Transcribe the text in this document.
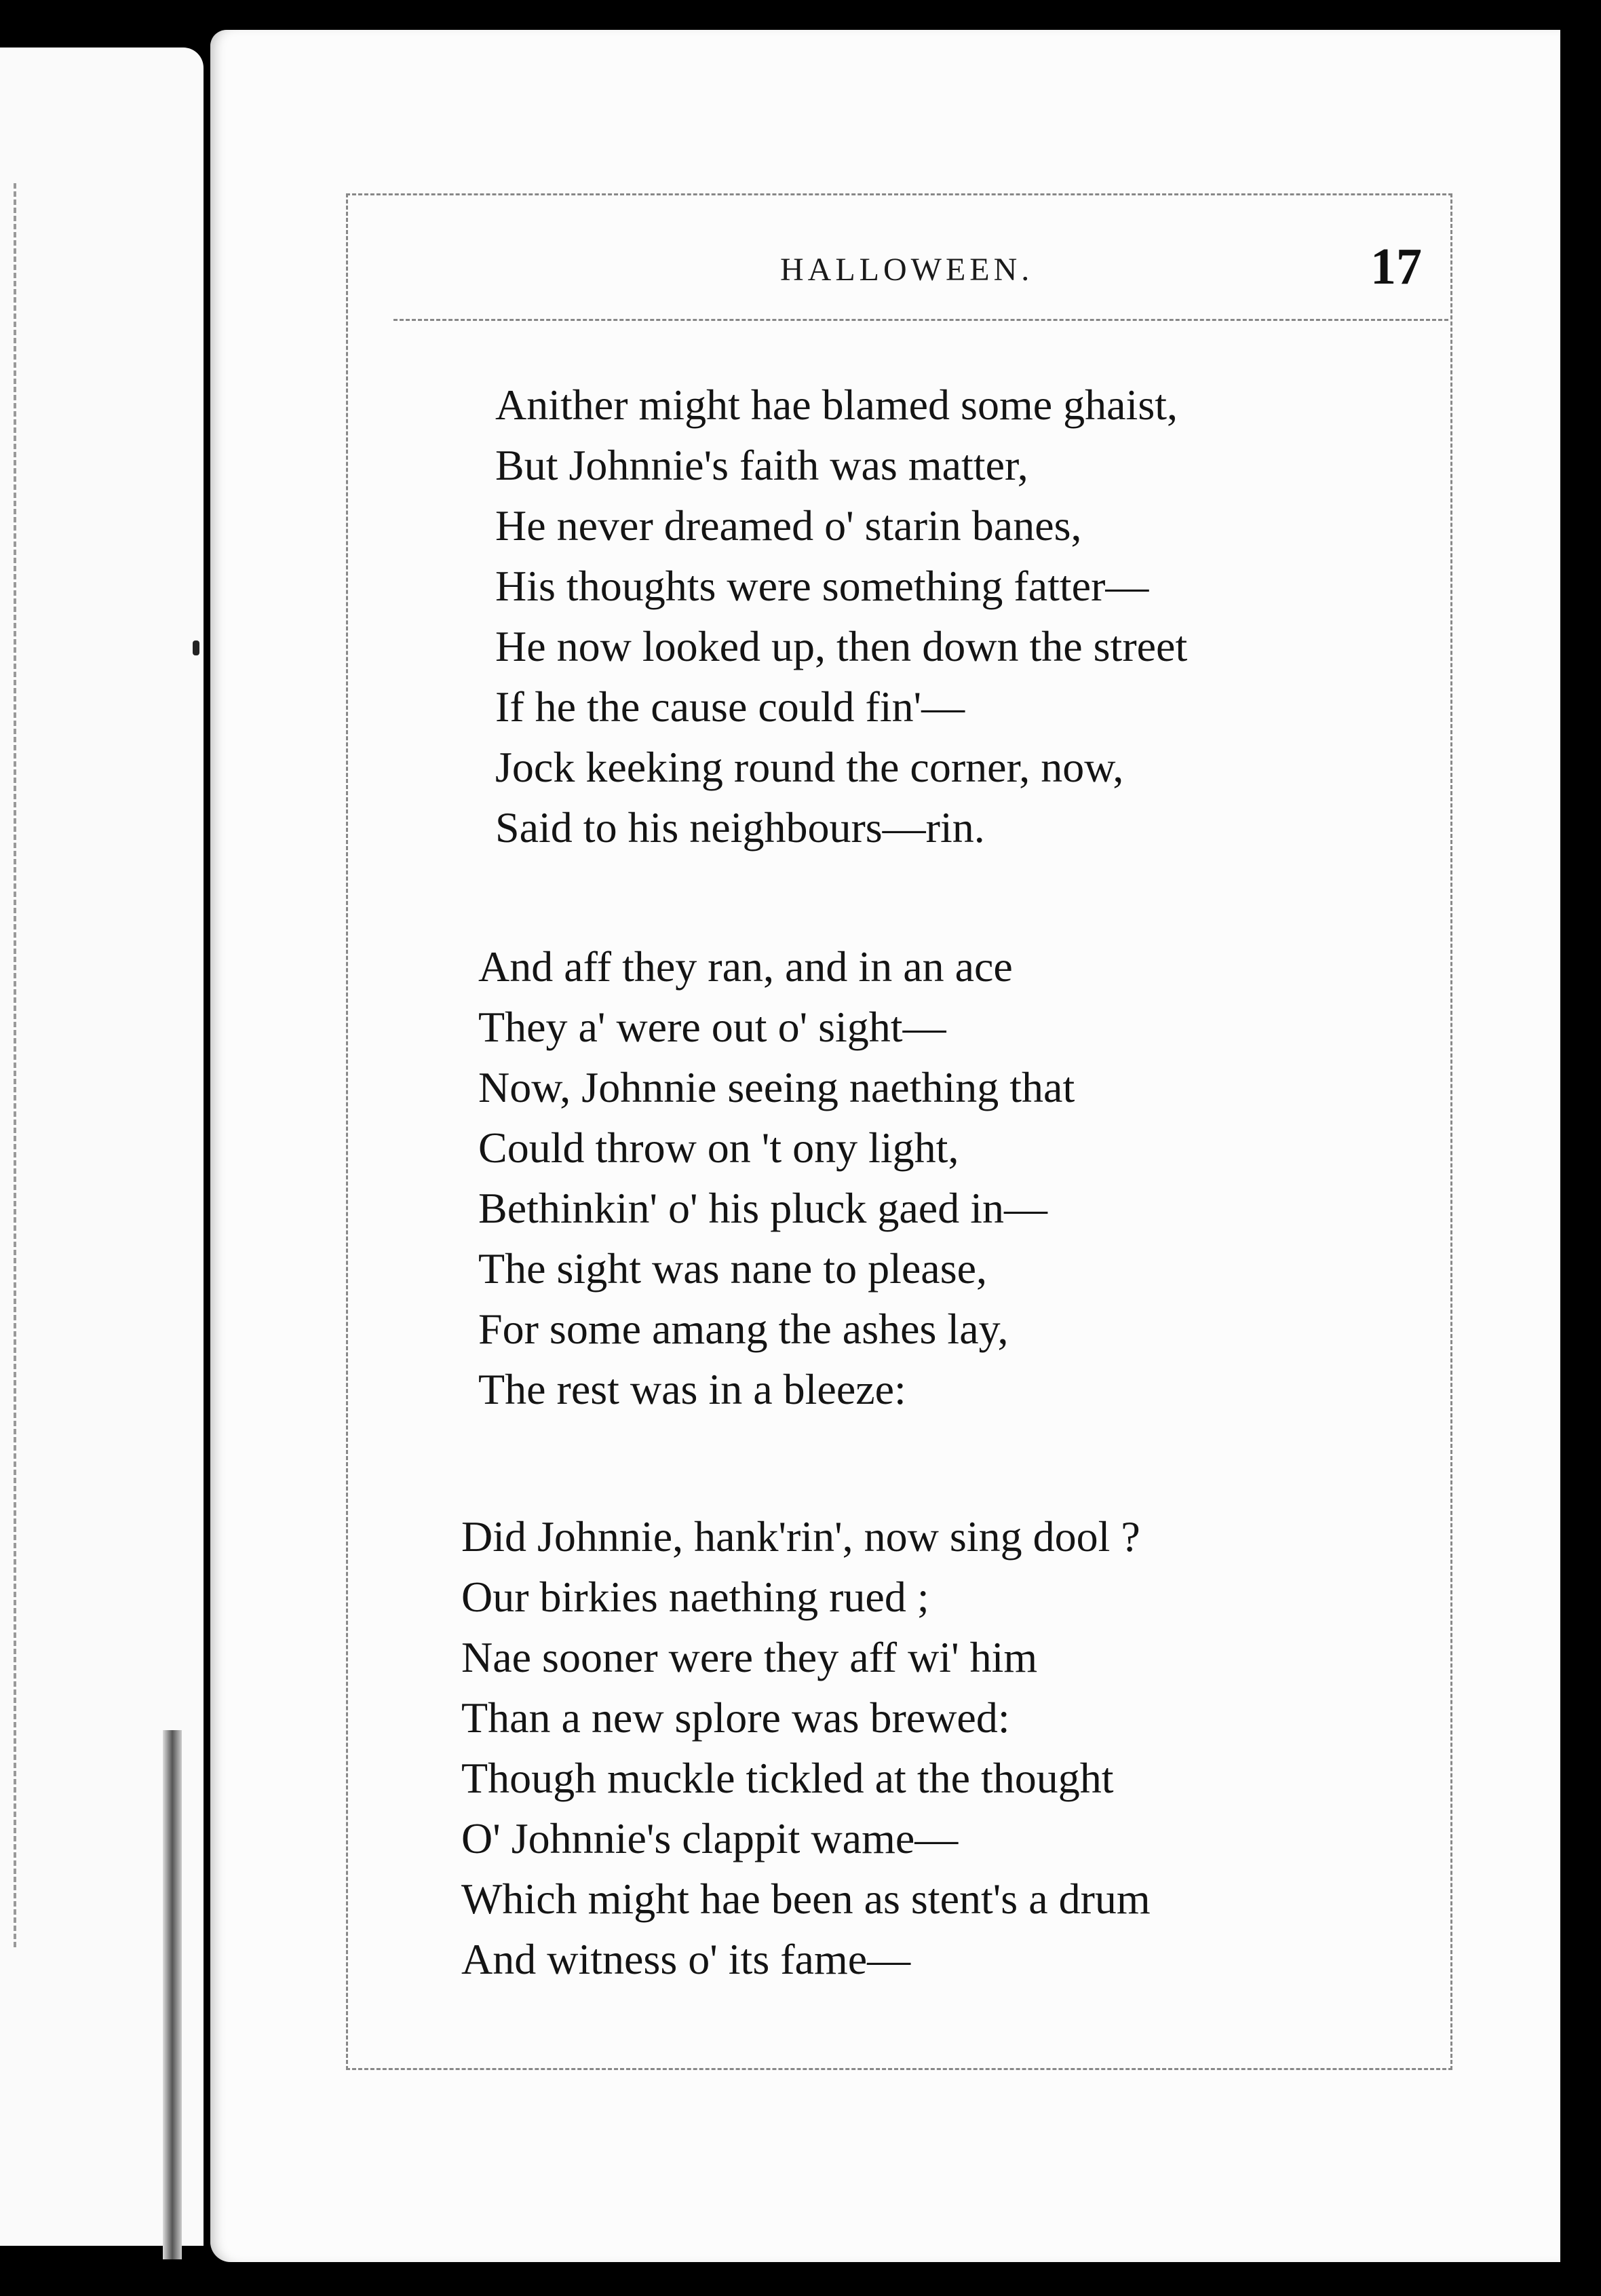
HALLOWEEN.	17
Anither might hae blamed some ghaist,
But Johnnie's faith was matter,
He never dreamed o' starin banes,
His thoughts were something fatter—
He now looked up, then down the street
If he the cause could fin'—
Jock keeking round the corner, now,
Said to his neighbours—rin.
And aff they ran, and in an ace
They a' were out o' sight—
Now, Johnnie seeing naething that
Could throw on 't ony light,
Bethinkin' o' his pluck gaed in—
The sight was nane to please,
For some amang the ashes lay,
The rest was in a bleeze:
Did Johnnie, hank'rin', now sing dool ?
Our birkies naething rued ;
Nae sooner were they aff wi' him
Than a new splore was brewed:
Though muckle tickled at the thought
O' Johnnie's clappit wame—
Which might hae been as stent's a drum
And witness o' its fame—
